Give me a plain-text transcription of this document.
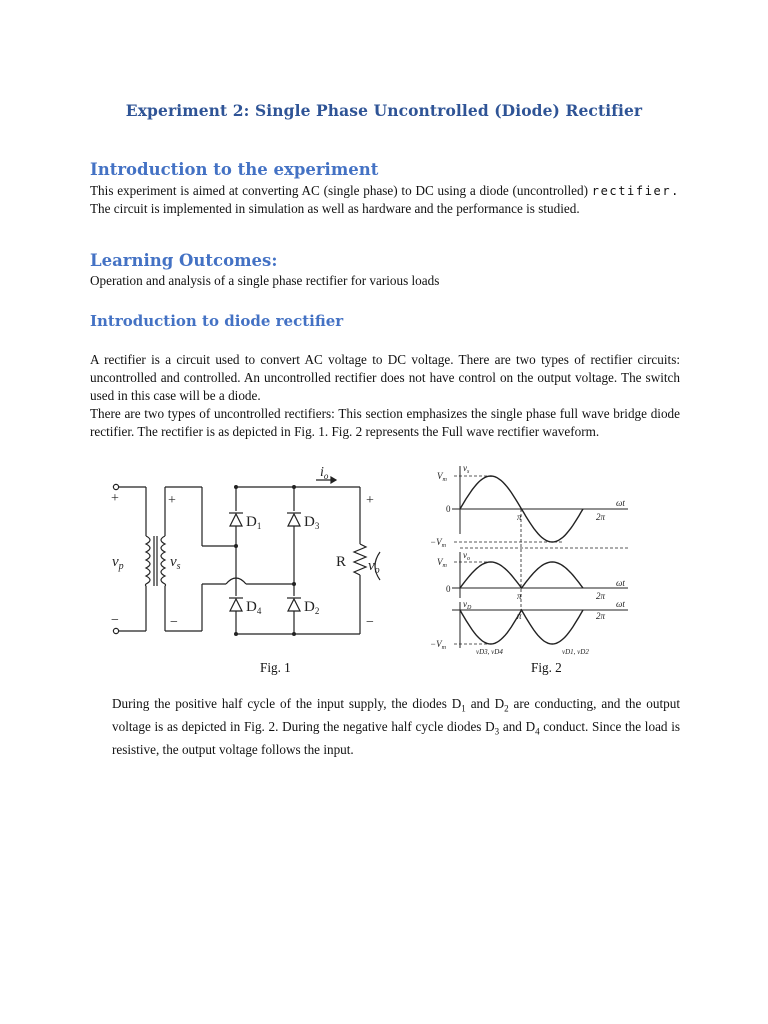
Experiment 2: Single Phase Uncontrolled (Diode) Rectifier
Introduction to the experiment

This experiment is aimed at converting AC (single phase) to DC using a diode (uncontrolled) rectifier. The circuit is implemented in simulation as well as hardware and the performance is studied.

Learning Outcomes:
Operation and analysis of a single phase rectifier for various loads
Introduction to diode rectifier

A rectifier is a circuit used to convert AC voltage to DC voltage. There are two types of rectifier circuits: uncontrolled and controlled. An uncontrolled rectifier does not have control on the output voltage. The switch used in this case will be a diode.

There are two types of uncontrolled rectifiers: This section emphasizes the single phase full wave bridge diode rectifier. The rectifier is as depicted in Fig. 1. Fig. 2 represents the Full wave rectifier waveform.

+
−
+
−
+
−
$v_p$	$v_s$
$i_o$
$D_1$	$D_3$
$D_4$	$D_2$
R $v_o$
Fig. 1
$v_s$
$V_m$
0
π	2π
ωt
$-V_m$
$v_o$
$V_m$
0
π	2π
ωt
$v_D$
π	2π
ωt
$-V_m$	vD3, vD4	vD1, vD2
Fig. 2
During the positive half cycle of the input supply, the diodes $D_1$ and $D_2$ are conducting, and the output voltage is as depicted in Fig. 2. During the negative half cycle diodes $D_3$ and $D_4$ conduct. Since the load is resistive, the output voltage follows the input.
